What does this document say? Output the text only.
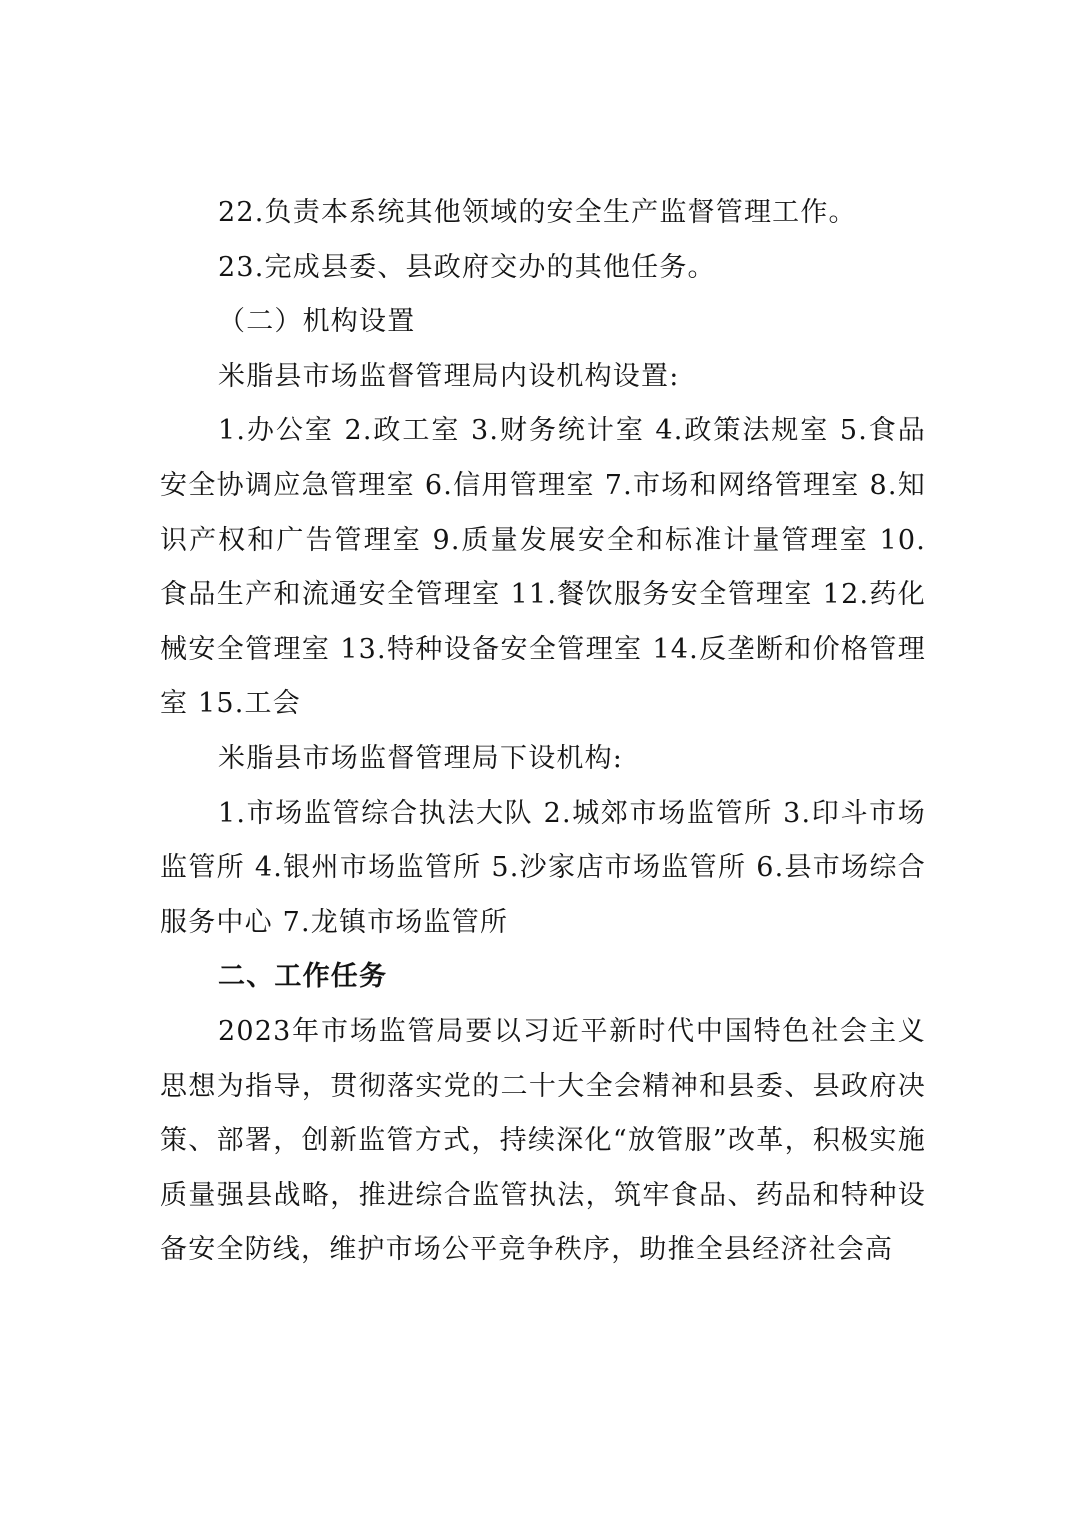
22.负责本系统其他领域的安全生产监督管理工作。

23.完成县委、县政府交办的其他任务。

（二）机构设置

米脂县市场监督管理局内设机构设置:

1.办公室 2.政工室 3.财务统计室 4.政策法规室 5.食品安全协调应急管理室 6.信用管理室 7.市场和网络管理室 8.知识产权和广告管理室 9.质量发展安全和标准计量管理室 10.食品生产和流通安全管理室 11.餐饮服务安全管理室 12.药化械安全管理室 13.特种设备安全管理室 14.反垄断和价格管理室 15.工会

米脂县市场监督管理局下设机构:

1.市场监管综合执法大队 2.城郊市场监管所 3.印斗市场监管所 4.银州市场监管所 5.沙家店市场监管所 6.县市场综合服务中心 7.龙镇市场监管所

二、工作任务

2023年市场监管局要以习近平新时代中国特色社会主义思想为指导，贯彻落实党的二十大全会精神和县委、县政府决策、部署，创新监管方式，持续深化“放管服”改革，积极实施质量强县战略，推进综合监管执法，筑牢食品、药品和特种设备安全防线，维护市场公平竞争秩序，助推全县经济社会高
